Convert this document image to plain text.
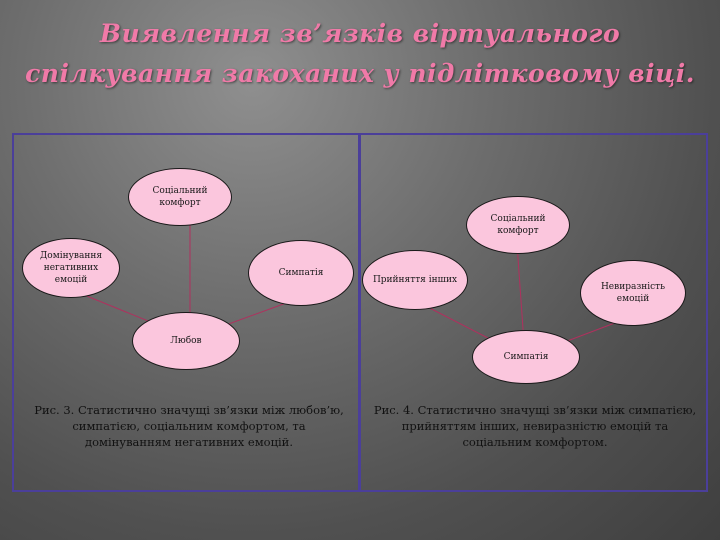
Виявлення зв’язків віртуального
спілкування закоханих у підлітковому віці.
Соціальний комфорт
Домінування негативних емоцій
Симпатія
Любов
Соціальний комфорт
Прийняття інших
Невиразність емоцій
Симпатія
Рис. 3. Статистично значущі зв’язки між любов’ю, симпатією, соціальним комфортом, та домінуванням негативних емоцій.
Рис. 4. Статистично значущі зв’язки між симпатією, прийняттям інших, невиразністю емоцій та соціальним комфортом.
